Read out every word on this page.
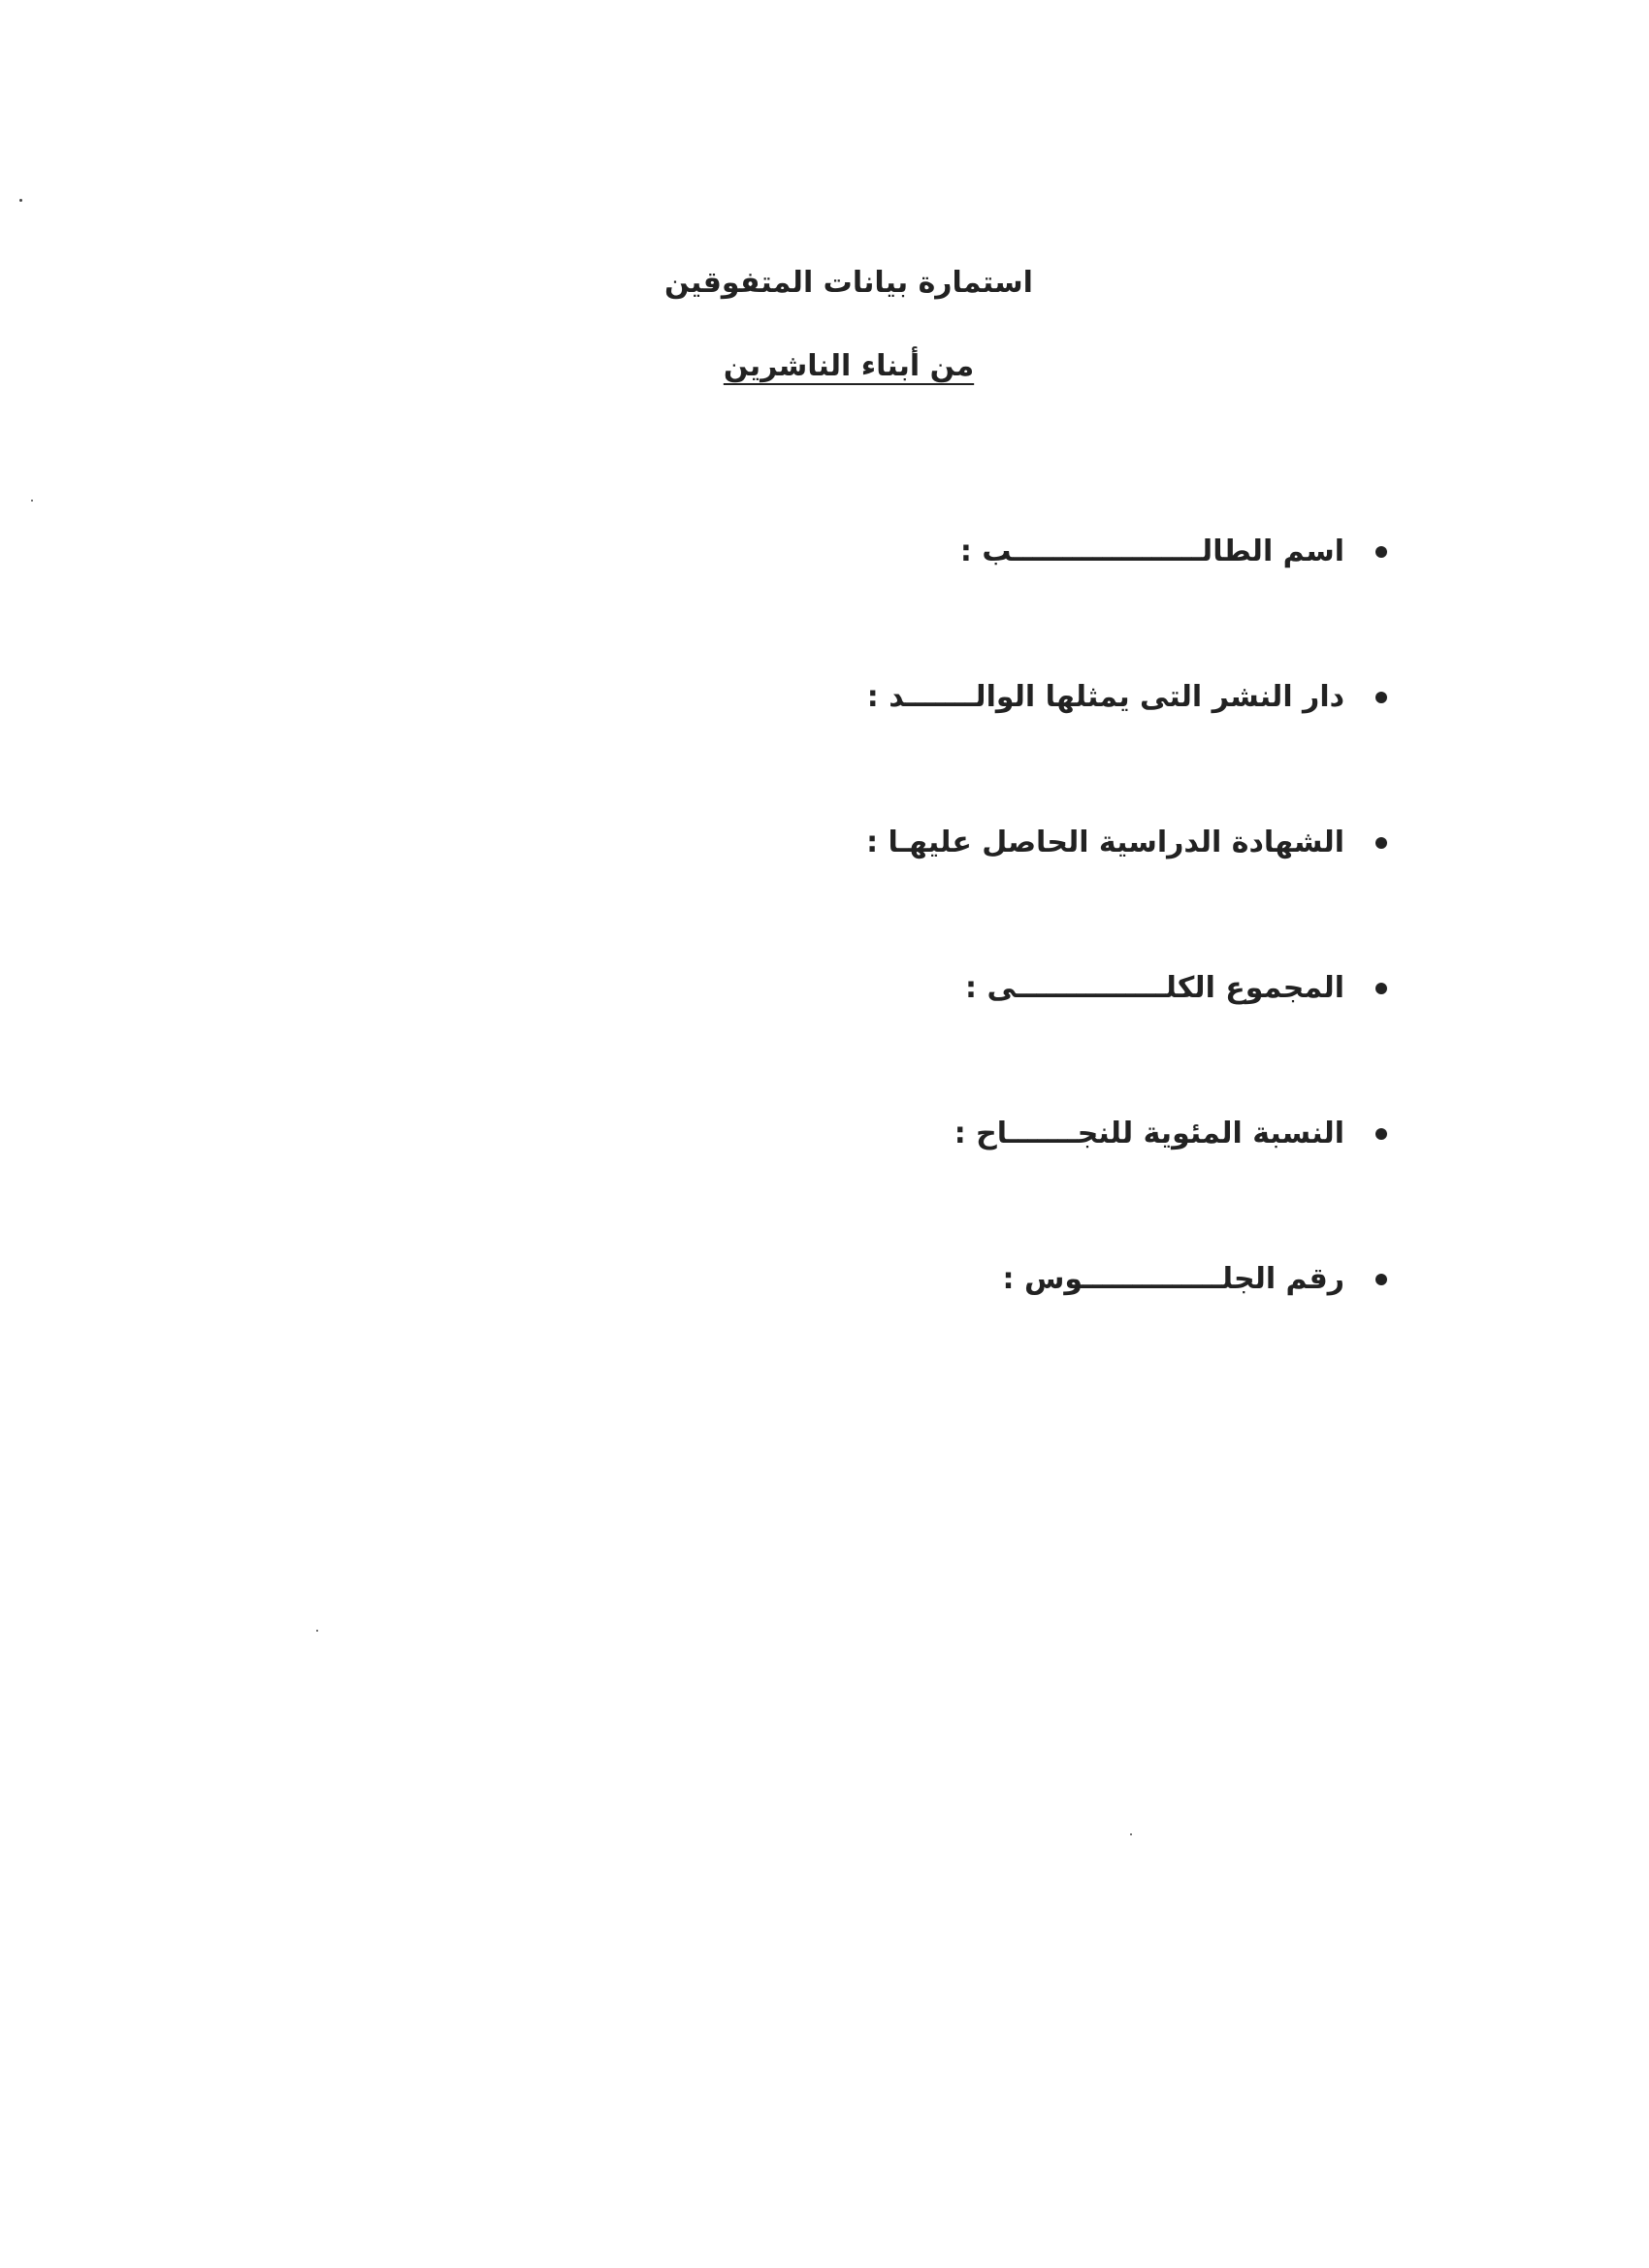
استمارة بيانات المتفوقين
من أبناء الناشرين
اسم الطالـــــــــــــــــــب :
دار النشر التى يمثلها الوالـــــــد :
الشهادة الدراسية الحاصل عليهـا :
المجموع الكلـــــــــــــــى :
النسبة المئوية للنجـــــــاح :
رقم الجلــــــــــــــوس :
